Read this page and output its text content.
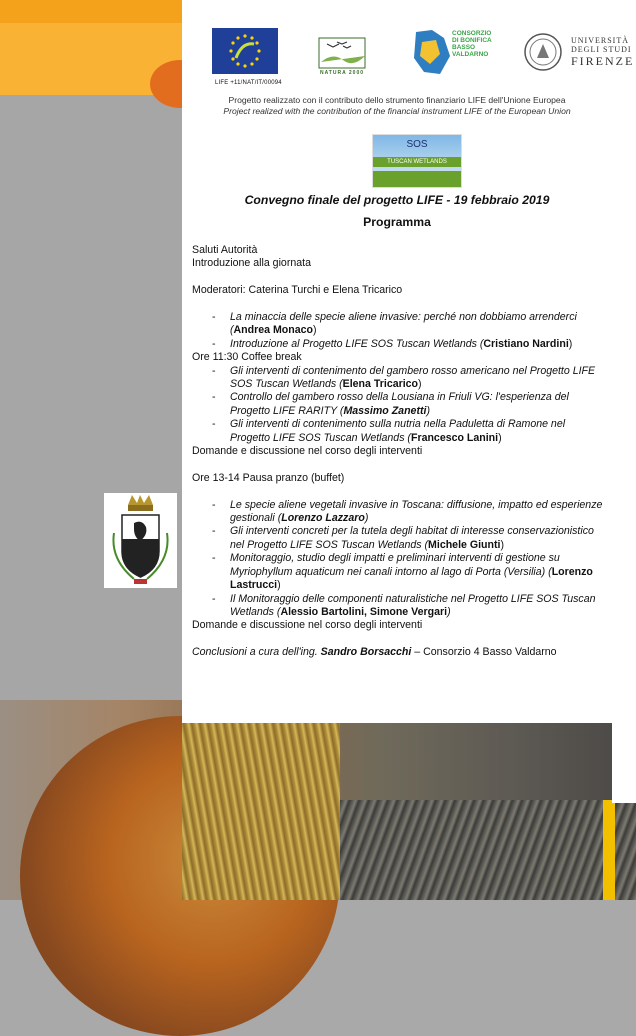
LIFE +11/NAT/IT/00094
NATURA 2000
CONSORZIO
DI BONIFICA
BASSO
VALDARNO
UNIVERSITÀ
DEGLI STUDI
FIRENZE
Progetto realizzato con il contributo dello strumento finanziario LIFE dell'Unione Europea
Project realized with the contribution of the financial instrument LIFE of the European Union
SOS
TUSCAN WETLANDS
Convegno finale del progetto LIFE - 19 febbraio 2019
Programma

Saluti Autorità

Introduzione alla giornata

Moderatori: Caterina Turchi e Elena Tricarico

- La minaccia delle specie aliene invasive: perché non dobbiamo arrenderci (Andrea Monaco)

- Introduzione al Progetto LIFE SOS Tuscan Wetlands (Cristiano Nardini)

Ore 11:30 Coffee break

- Gli interventi di contenimento del gambero rosso americano nel Progetto LIFE SOS Tuscan Wetlands (Elena Tricarico)

- Controllo del gambero rosso della Lousiana in Friuli VG: l'esperienza del Progetto LIFE RARITY (Massimo Zanetti)

- Gli interventi di contenimento sulla nutria nella Paduletta di Ramone nel Progetto LIFE SOS Tuscan Wetlands (Francesco Lanini)

Domande e discussione nel corso degli interventi

Ore 13-14 Pausa pranzo (buffet)

- Le specie aliene vegetali invasive in Toscana: diffusione, impatto ed esperienze gestionali (Lorenzo Lazzaro)

- Gli interventi concreti per la tutela degli habitat di interesse conservazionistico nel Progetto LIFE SOS Tuscan Wetlands (Michele Giunti)

- Monitoraggio, studio degli impatti e preliminari interventi di gestione su Myriophyllum aquaticum nei canali intorno al lago di Porta (Versilia) (Lorenzo Lastrucci)

- Il Monitoraggio delle componenti naturalistiche nel Progetto LIFE SOS Tuscan Wetlands (Alessio Bartolini, Simone Vergari)

Domande e discussione nel corso degli interventi

Conclusioni a cura dell'ing. Sandro Borsacchi – Consorzio 4 Basso Valdarno
